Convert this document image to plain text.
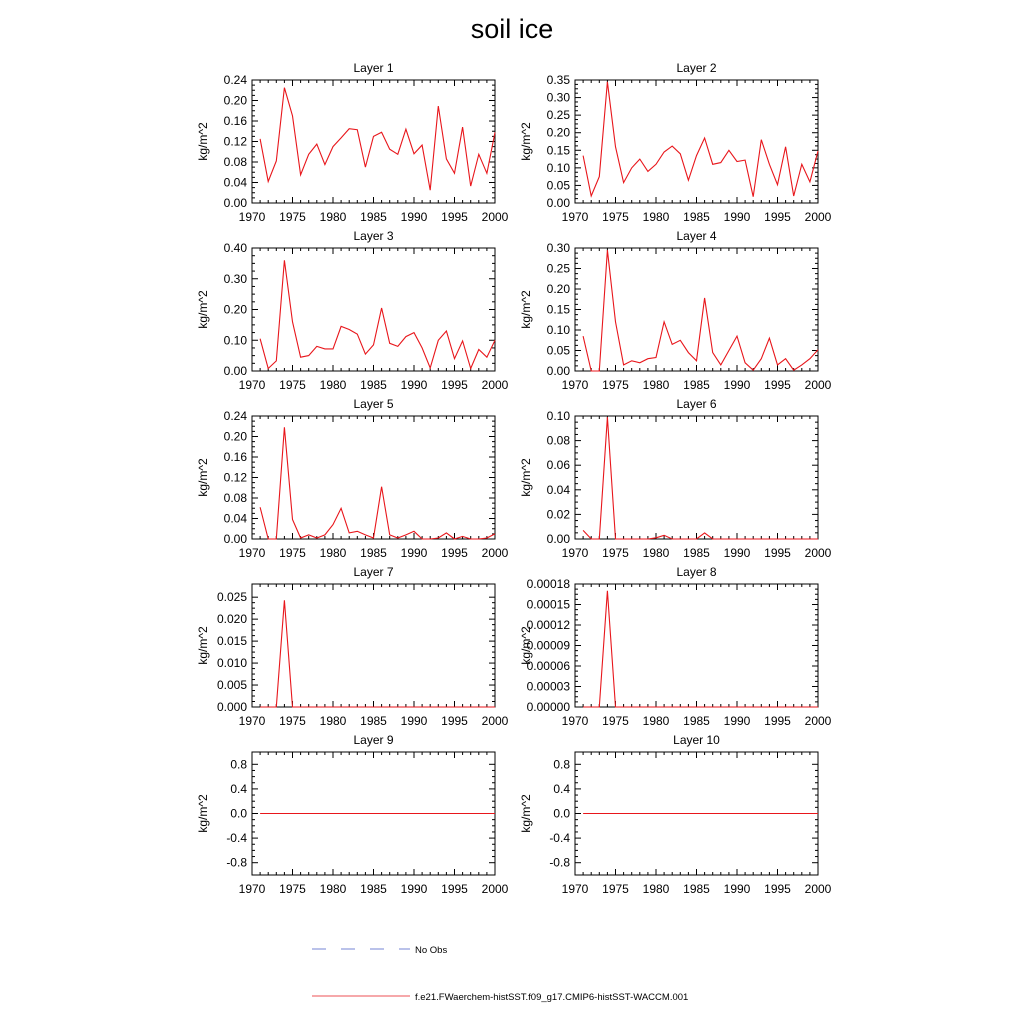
soil ice
Layer 1
kg/m^2
0.00
0.04
0.08
0.12
0.16
0.20
0.24
1970 1975 1980 1985 1990 1995 2000
Layer 2
kg/m^2
0.00
0.05
0.10
0.15
0.20
0.25
0.30
0.35
1970 1975 1980 1985 1990 1995 2000
Layer 3
kg/m^2
0.00
0.10
0.20
0.30
0.40
1970 1975 1980 1985 1990 1995 2000
Layer 4
kg/m^2
0.00
0.05
0.10
0.15
0.20
0.25
0.30
1970 1975 1980 1985 1990 1995 2000
Layer 5
kg/m^2
0.00
0.04
0.08
0.12
0.16
0.20
0.24
1970 1975 1980 1985 1990 1995 2000
Layer 6
kg/m^2
0.00
0.02
0.04
0.06
0.08
0.10
1970 1975 1980 1985 1990 1995 2000
Layer 7
kg/m^2
0.000
0.005
0.010
0.015
0.020
0.025
1970 1975 1980 1985 1990 1995 2000
Layer 8
kg/m^2
0.00000
0.00003
0.00006
0.00009
0.00012
0.00015
0.00018
1970 1975 1980 1985 1990 1995 2000
Layer 9
kg/m^2
-0.8
-0.4
0.0
0.4
0.8
1970 1975 1980 1985 1990 1995 2000
Layer 10
kg/m^2
-0.8
-0.4
0.0
0.4
0.8
1970 1975 1980 1985 1990 1995 2000
No Obs
f.e21.FWaerchem-histSST.f09_g17.CMIP6-histSST-WACCM.001
